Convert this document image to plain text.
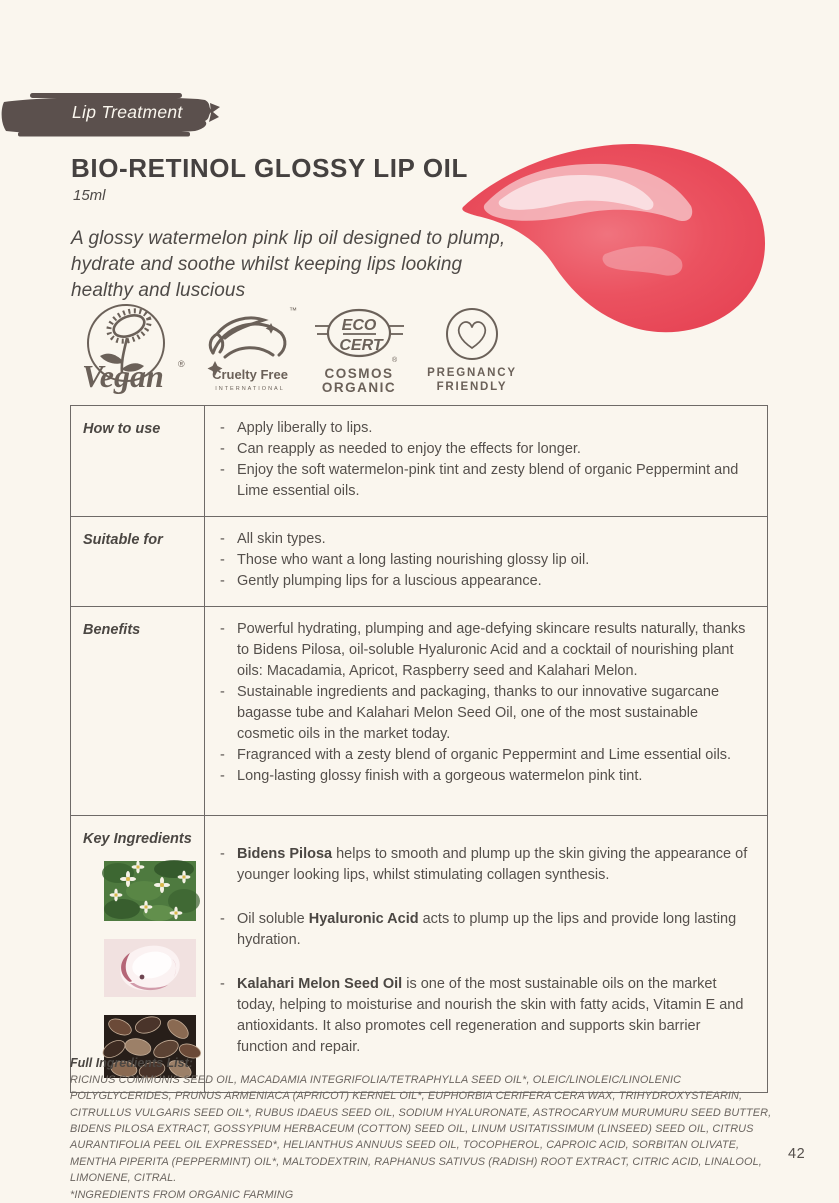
Lip Treatment
BIO-RETINOL GLOSSY LIP OIL
15ml
A glossy watermelon pink lip oil designed to plump, hydrate and soothe whilst keeping lips looking healthy and luscious
Vegan ®
™
Cruelty Free
INTERNATIONAL
ECO
CERT
®
COSMOS
ORGANIC
PREGNANCY
FRIENDLY
How to use	- Apply liberally to lips.
- Can reapply as needed to enjoy the effects for longer.
- Enjoy the soft watermelon-pink tint and zesty blend of organic Peppermint and Lime essential oils.
Suitable for	- All skin types.
- Those who want a long lasting nourishing glossy lip oil.
- Gently plumping lips for a luscious appearance.
Benefits	- Powerful hydrating, plumping and age-defying skincare results naturally, thanks to Bidens Pilosa, oil-soluble Hyaluronic Acid and a cocktail of nourishing plant oils: Macadamia, Apricot, Raspberry seed and Kalahari Melon.
- Sustainable ingredients and packaging, thanks to our innovative sugarcane bagasse tube and Kalahari Melon Seed Oil, one of the most sustainable cosmetic oils in the market today.
- Fragranced with a zesty blend of organic Peppermint and Lime essential oils.
- Long-lasting glossy finish with a gorgeous watermelon pink tint.
Key Ingredients
- Bidens Pilosa helps to smooth and plump up the skin giving the appearance of younger looking lips, whilst stimulating collagen synthesis.
- Oil soluble Hyaluronic Acid acts to plump up the lips and provide long lasting hydration.
- Kalahari Melon Seed Oil is one of the most sustainable oils on the market today, helping to moisturise and nourish the skin with fatty acids, Vitamin E and antioxidants. It also promotes cell regeneration and supports skin barrier function and repair.
Full Ingredients List:
RICINUS COMMUNIS SEED OIL, MACADAMIA INTEGRIFOLIA/TETRAPHYLLA SEED OIL*, OLEIC/LINOLEIC/LINOLENIC POLYGLYCERIDES, PRUNUS ARMENIACA (APRICOT) KERNEL OIL*, EUPHORBIA CERIFERA CERA WAX, TRIHYDROXYSTEARIN, CITRULLUS VULGARIS SEED OIL*, RUBUS IDAEUS SEED OIL, SODIUM HYALURONATE, ASTROCARYUM MURUMURU SEED BUTTER, BIDENS PILOSA EXTRACT, GOSSYPIUM HERBACEUM (COTTON) SEED OIL, LINUM USITATISSIMUM (LINSEED) SEED OIL, CITRUS AURANTIFOLIA PEEL OIL EXPRESSED*, HELIANTHUS ANNUUS SEED OIL, TOCOPHEROL, CAPROIC ACID, SORBITAN OLIVATE, MENTHA PIPERITA (PEPPERMINT) OIL*, MALTODEXTRIN, RAPHANUS SATIVUS (RADISH) ROOT EXTRACT, CITRIC ACID, LINALOOL, LIMONENE, CITRAL.
*INGREDIENTS FROM ORGANIC FARMING
42
